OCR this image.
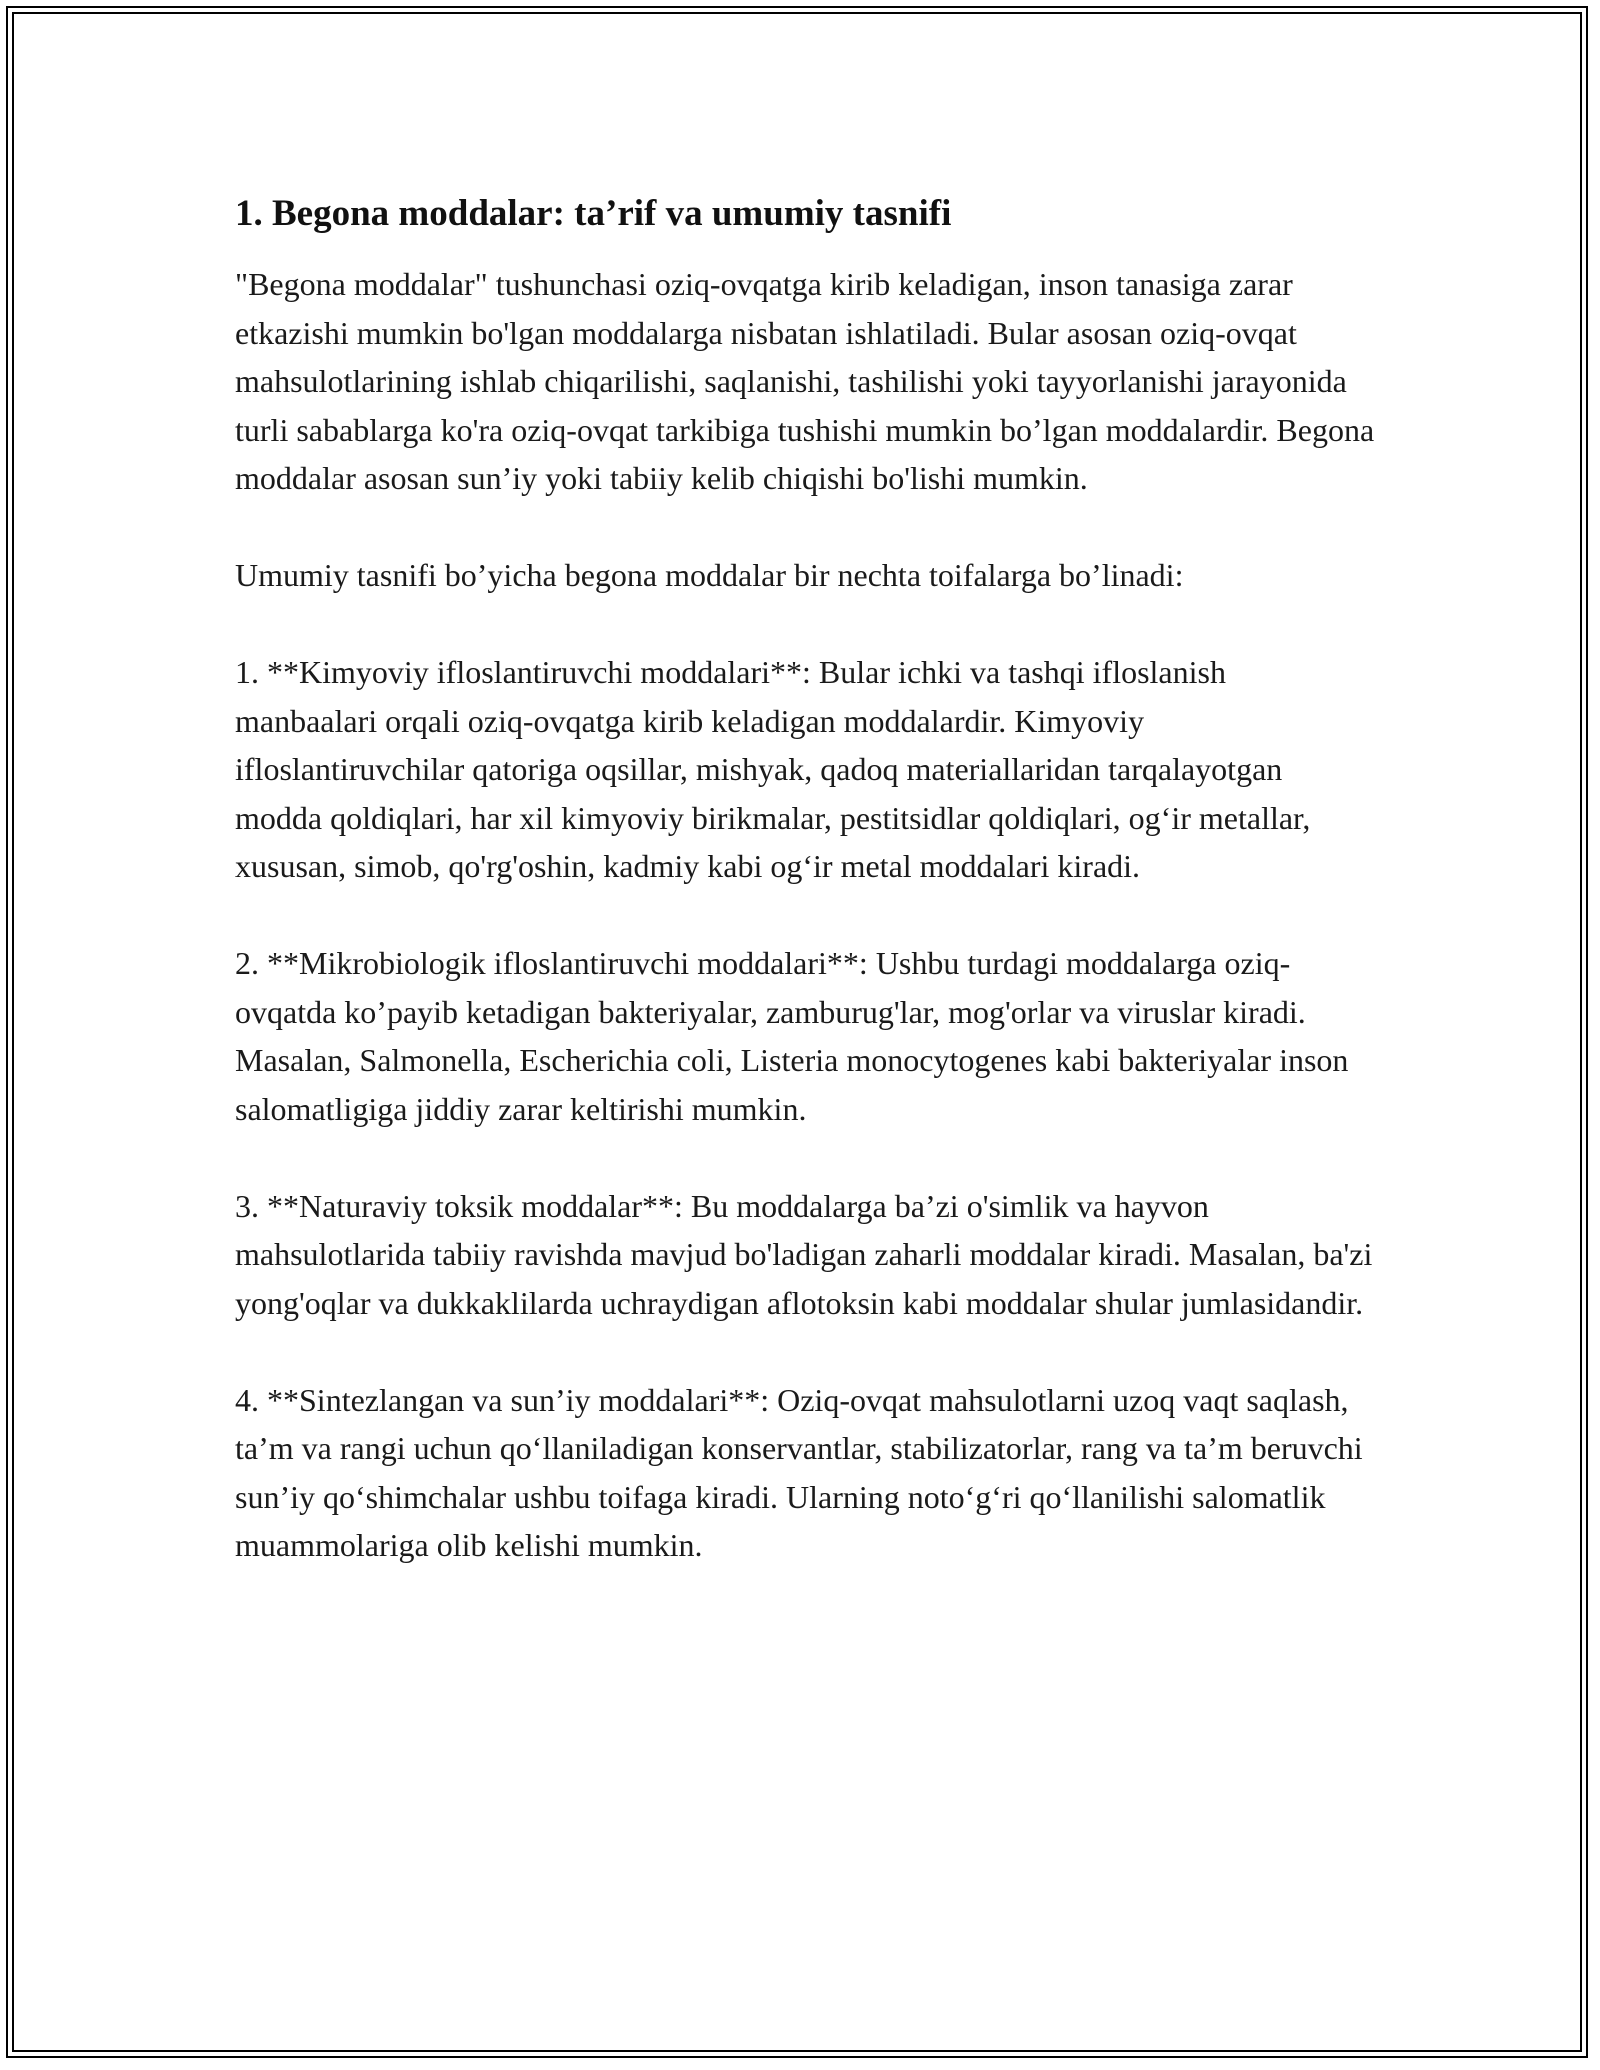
1. Begona moddalar: ta’rif va umumiy tasnifi

"Begona moddalar" tushunchasi oziq-ovqatga kirib keladigan, inson tanasiga zarar etkazishi mumkin bo'lgan moddalarga nisbatan ishlatiladi. Bular asosan oziq-ovqat mahsulotlarining ishlab chiqarilishi, saqlanishi, tashilishi yoki tayyorlanishi jarayonida turli sabablarga ko'ra oziq-ovqat tarkibiga tushishi mumkin bo’lgan moddalardir. Begona moddalar asosan sun’iy yoki tabiiy kelib chiqishi bo'lishi mumkin.

Umumiy tasnifi bo’yicha begona moddalar bir nechta toifalarga bo’linadi:

1. **Kimyoviy ifloslantiruvchi moddalari**: Bular ichki va tashqi ifloslanish manbaalari orqali oziq-ovqatga kirib keladigan moddalardir. Kimyoviy ifloslantiruvchilar qatoriga oqsillar, mishyak, qadoq materiallaridan tarqalayotgan modda qoldiqlari, har xil kimyoviy birikmalar, pestitsidlar qoldiqlari, og‘ir metallar, xususan, simob, qo'rg'oshin, kadmiy kabi og‘ir metal moddalari kiradi.

2. **Mikrobiologik ifloslantiruvchi moddalari**: Ushbu turdagi moddalarga oziq-ovqatda ko’payib ketadigan bakteriyalar, zamburug'lar, mog'orlar va viruslar kiradi. Masalan, Salmonella, Escherichia coli, Listeria monocytogenes kabi bakteriyalar inson salomatligiga jiddiy zarar keltirishi mumkin.

3. **Naturaviy toksik moddalar**: Bu moddalarga ba’zi o'simlik va hayvon mahsulotlarida tabiiy ravishda mavjud bo'ladigan zaharli moddalar kiradi. Masalan, ba'zi yong'oqlar va dukkaklilarda uchraydigan aflotoksin kabi moddalar shular jumlasidandir.

4. **Sintezlangan va sun’iy moddalari**: Oziq-ovqat mahsulotlarni uzoq vaqt saqlash, ta’m va rangi uchun qo‘llaniladigan konservantlar, stabilizatorlar, rang va ta’m beruvchi sun’iy qo‘shimchalar ushbu toifaga kiradi. Ularning noto‘g‘ri qo‘llanilishi salomatlik muammolariga olib kelishi mumkin.
